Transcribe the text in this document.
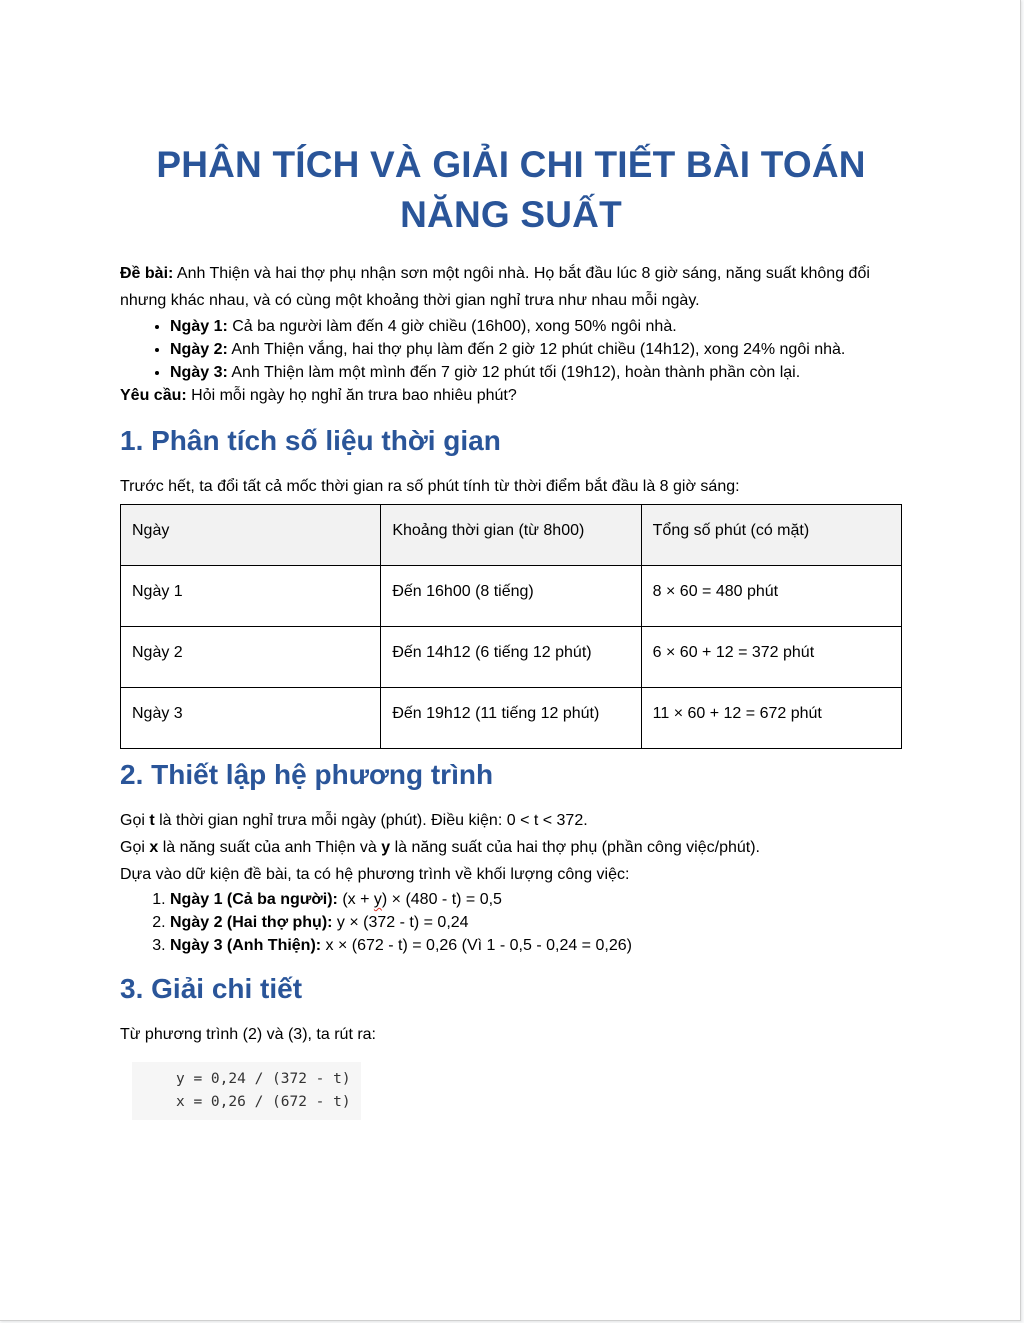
PHÂN TÍCH VÀ GIẢI CHI TIẾT BÀI TOÁN NĂNG SUẤT

Đề bài: Anh Thiện và hai thợ phụ nhận sơn một ngôi nhà. Họ bắt đầu lúc 8 giờ sáng, năng suất không đổi nhưng khác nhau, và có cùng một khoảng thời gian nghỉ trưa như nhau mỗi ngày.

• Ngày 1: Cả ba người làm đến 4 giờ chiều (16h00), xong 50% ngôi nhà.
• Ngày 2: Anh Thiện vắng, hai thợ phụ làm đến 2 giờ 12 phút chiều (14h12), xong 24% ngôi nhà.
• Ngày 3: Anh Thiện làm một mình đến 7 giờ 12 phút tối (19h12), hoàn thành phần còn lại.

Yêu cầu: Hỏi mỗi ngày họ nghỉ ăn trưa bao nhiêu phút?

1. Phân tích số liệu thời gian

Trước hết, ta đổi tất cả mốc thời gian ra số phút tính từ thời điểm bắt đầu là 8 giờ sáng:

Ngày	Khoảng thời gian (từ 8h00)	Tổng số phút (có mặt)
Ngày 1	Đến 16h00 (8 tiếng)	8 × 60 = 480 phút
Ngày 2	Đến 14h12 (6 tiếng 12 phút)	6 × 60 + 12 = 372 phút
Ngày 3	Đến 19h12 (11 tiếng 12 phút)	11 × 60 + 12 = 672 phút
2. Thiết lập hệ phương trình

Gọi t là thời gian nghỉ trưa mỗi ngày (phút). Điều kiện: 0 < t < 372.

Gọi x là năng suất của anh Thiện và y là năng suất của hai thợ phụ (phần công việc/phút).

Dựa vào dữ kiện đề bài, ta có hệ phương trình về khối lượng công việc:

1. Ngày 1 (Cả ba người): (x + y) × (480 - t) = 0,5
2. Ngày 2 (Hai thợ phụ): y × (372 - t) = 0,24
3. Ngày 3 (Anh Thiện): x × (672 - t) = 0,26 (Vì 1 - 0,5 - 0,24 = 0,26)
3. Giải chi tiết

Từ phương trình (2) và (3), ta rút ra:

y = 0,24 / (372 - t)
x = 0,26 / (672 - t)
